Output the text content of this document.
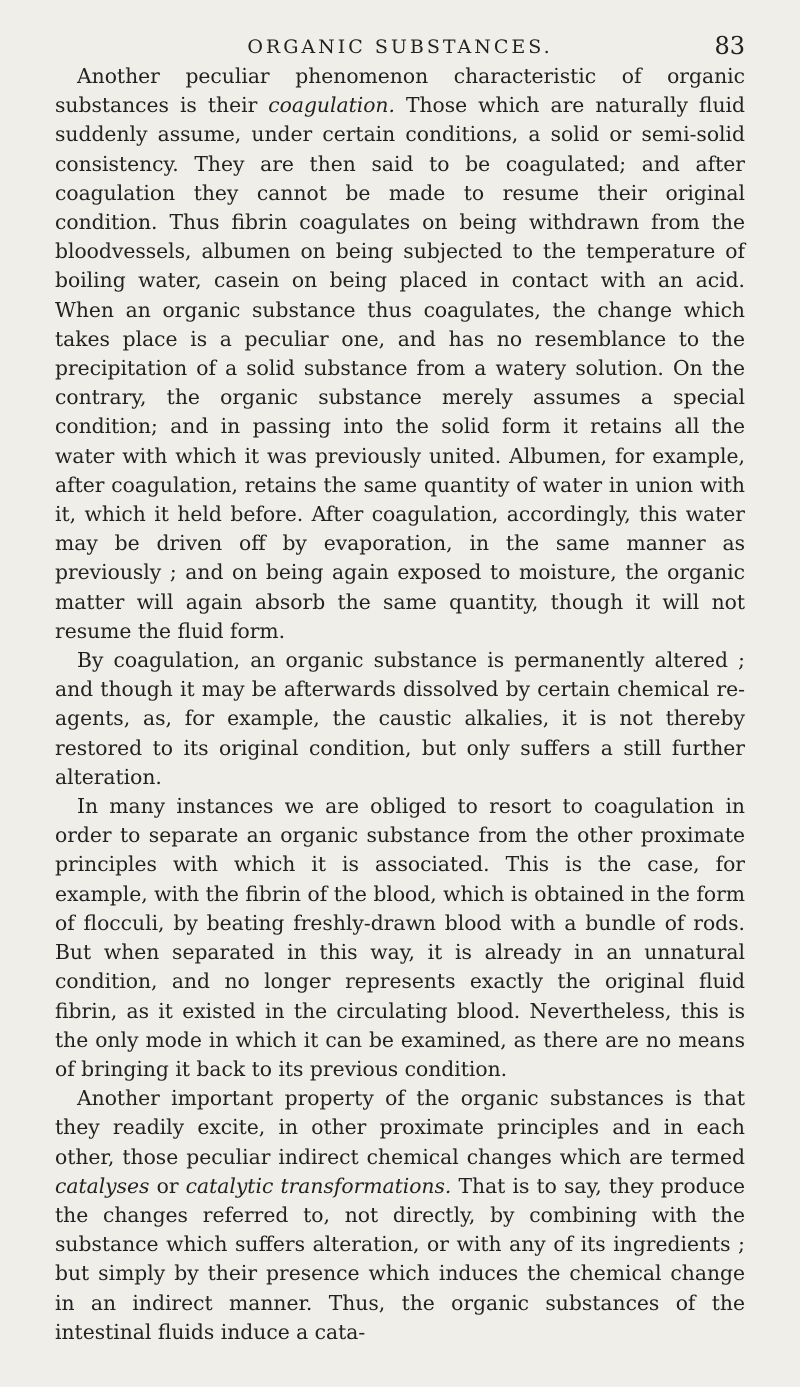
ORGANIC SUBSTANCES.	83

Another peculiar phenomenon characteristic of organic substances is their coagulation. Those which are naturally fluid suddenly assume, under certain conditions, a solid or semi-solid consistency. They are then said to be coagulated; and after coagulation they cannot be made to resume their original condition. Thus fibrin coagulates on being withdrawn from the bloodvessels, albumen on being subjected to the temperature of boiling water, casein on being placed in contact with an acid. When an organic substance thus coagulates, the change which takes place is a peculiar one, and has no resemblance to the precipitation of a solid substance from a watery solution. On the contrary, the organic substance merely assumes a special condition; and in passing into the solid form it retains all the water with which it was previously united. Albumen, for example, after coagulation, retains the same quantity of water in union with it, which it held before. After coagulation, accordingly, this water may be driven off by evaporation, in the same manner as previously ; and on being again exposed to moisture, the organic matter will again absorb the same quantity, though it will not resume the fluid form.

By coagulation, an organic substance is permanently altered ; and though it may be afterwards dissolved by certain chemical re-agents, as, for example, the caustic alkalies, it is not thereby restored to its original condition, but only suffers a still further alteration.

In many instances we are obliged to resort to coagulation in order to separate an organic substance from the other proximate principles with which it is associated. This is the case, for example, with the fibrin of the blood, which is obtained in the form of flocculi, by beating freshly-drawn blood with a bundle of rods. But when separated in this way, it is already in an unnatural condition, and no longer represents exactly the original fluid fibrin, as it existed in the circulating blood. Nevertheless, this is the only mode in which it can be examined, as there are no means of bringing it back to its previous condition.

Another important property of the organic substances is that they readily excite, in other proximate principles and in each other, those peculiar indirect chemical changes which are termed catalyses or catalytic transformations. That is to say, they produce the changes referred to, not directly, by combining with the substance which suffers alteration, or with any of its ingredients ; but simply by their presence which induces the chemical change in an indirect manner. Thus, the organic substances of the intestinal fluids induce a cata-
